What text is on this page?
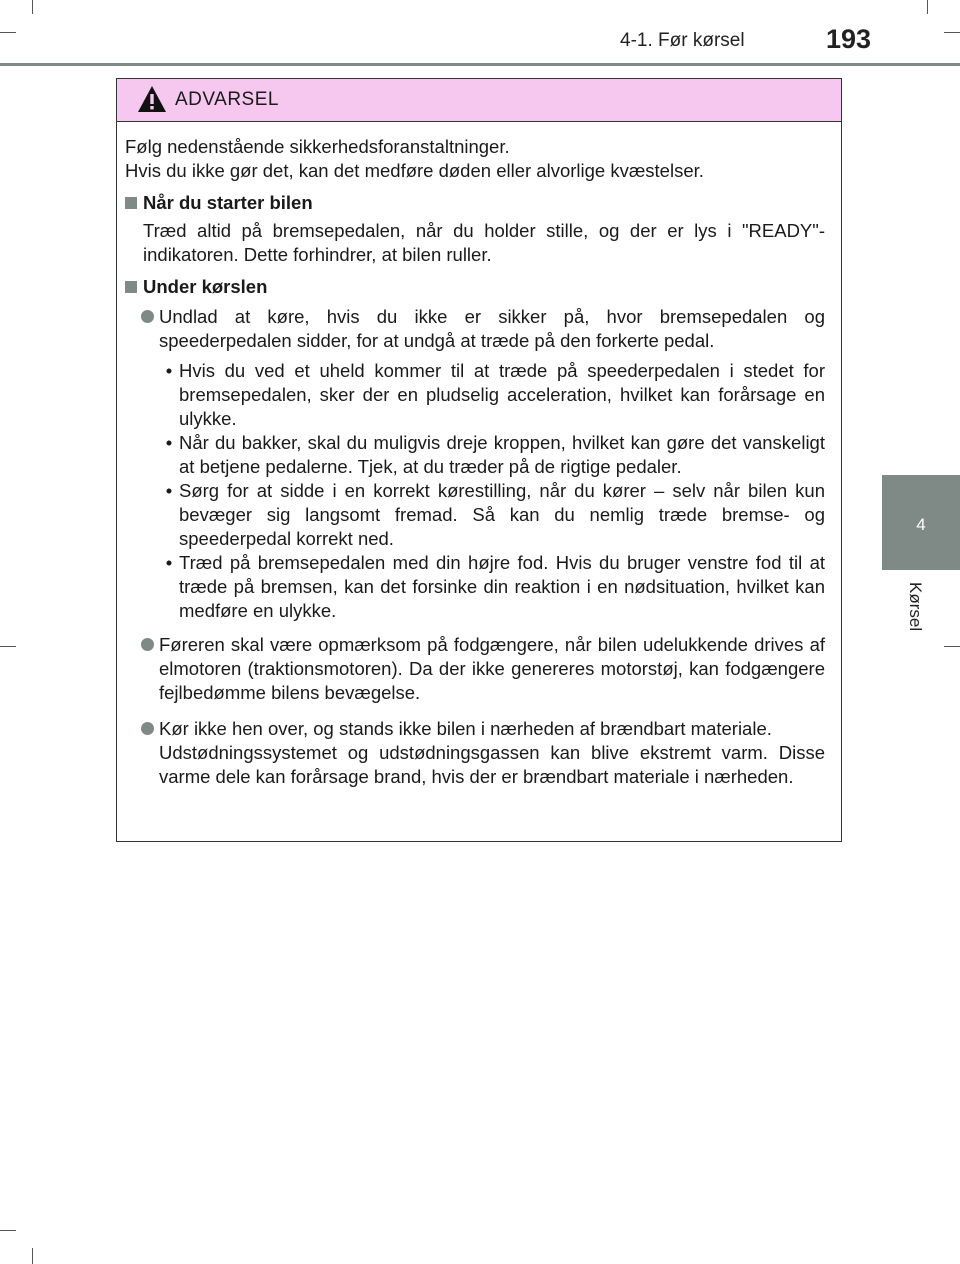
4-1. Før kørsel	193
4
Kørsel
ADVARSEL

Følg nedenstående sikkerhedsforanstaltninger.

Hvis du ikke gør det, kan det medføre døden eller alvorlige kvæstelser.

Når du starter bilen

Træd altid på bremsepedalen, når du holder stille, og der er lys i "READY"-indikatoren. Dette forhindrer, at bilen ruller.

Under kørslen

Undlad at køre, hvis du ikke er sikker på, hvor bremsepedalen og speederpedalen sidder, for at undgå at træde på den forkerte pedal.

• Hvis du ved et uheld kommer til at træde på speederpedalen i stedet for bremsepedalen, sker der en pludselig acceleration, hvilket kan forårsage en ulykke.
• Når du bakker, skal du muligvis dreje kroppen, hvilket kan gøre det vanskeligt at betjene pedalerne. Tjek, at du træder på de rigtige pedaler.
• Sørg for at sidde i en korrekt kørestilling, når du kører – selv når bilen kun bevæger sig langsomt fremad. Så kan du nemlig træde bremse- og speederpedal korrekt ned.
• Træd på bremsepedalen med din højre fod. Hvis du bruger venstre fod til at træde på bremsen, kan det forsinke din reaktion i en nødsituation, hvilket kan medføre en ulykke.

Føreren skal være opmærksom på fodgængere, når bilen udelukkende drives af elmotoren (traktionsmotoren). Da der ikke genereres motorstøj, kan fodgængere fejlbedømme bilens bevægelse.

Kør ikke hen over, og stands ikke bilen i nærheden af brændbart materiale.

Udstødningssystemet og udstødningsgassen kan blive ekstremt varm. Disse varme dele kan forårsage brand, hvis der er brændbart materiale i nærheden.
